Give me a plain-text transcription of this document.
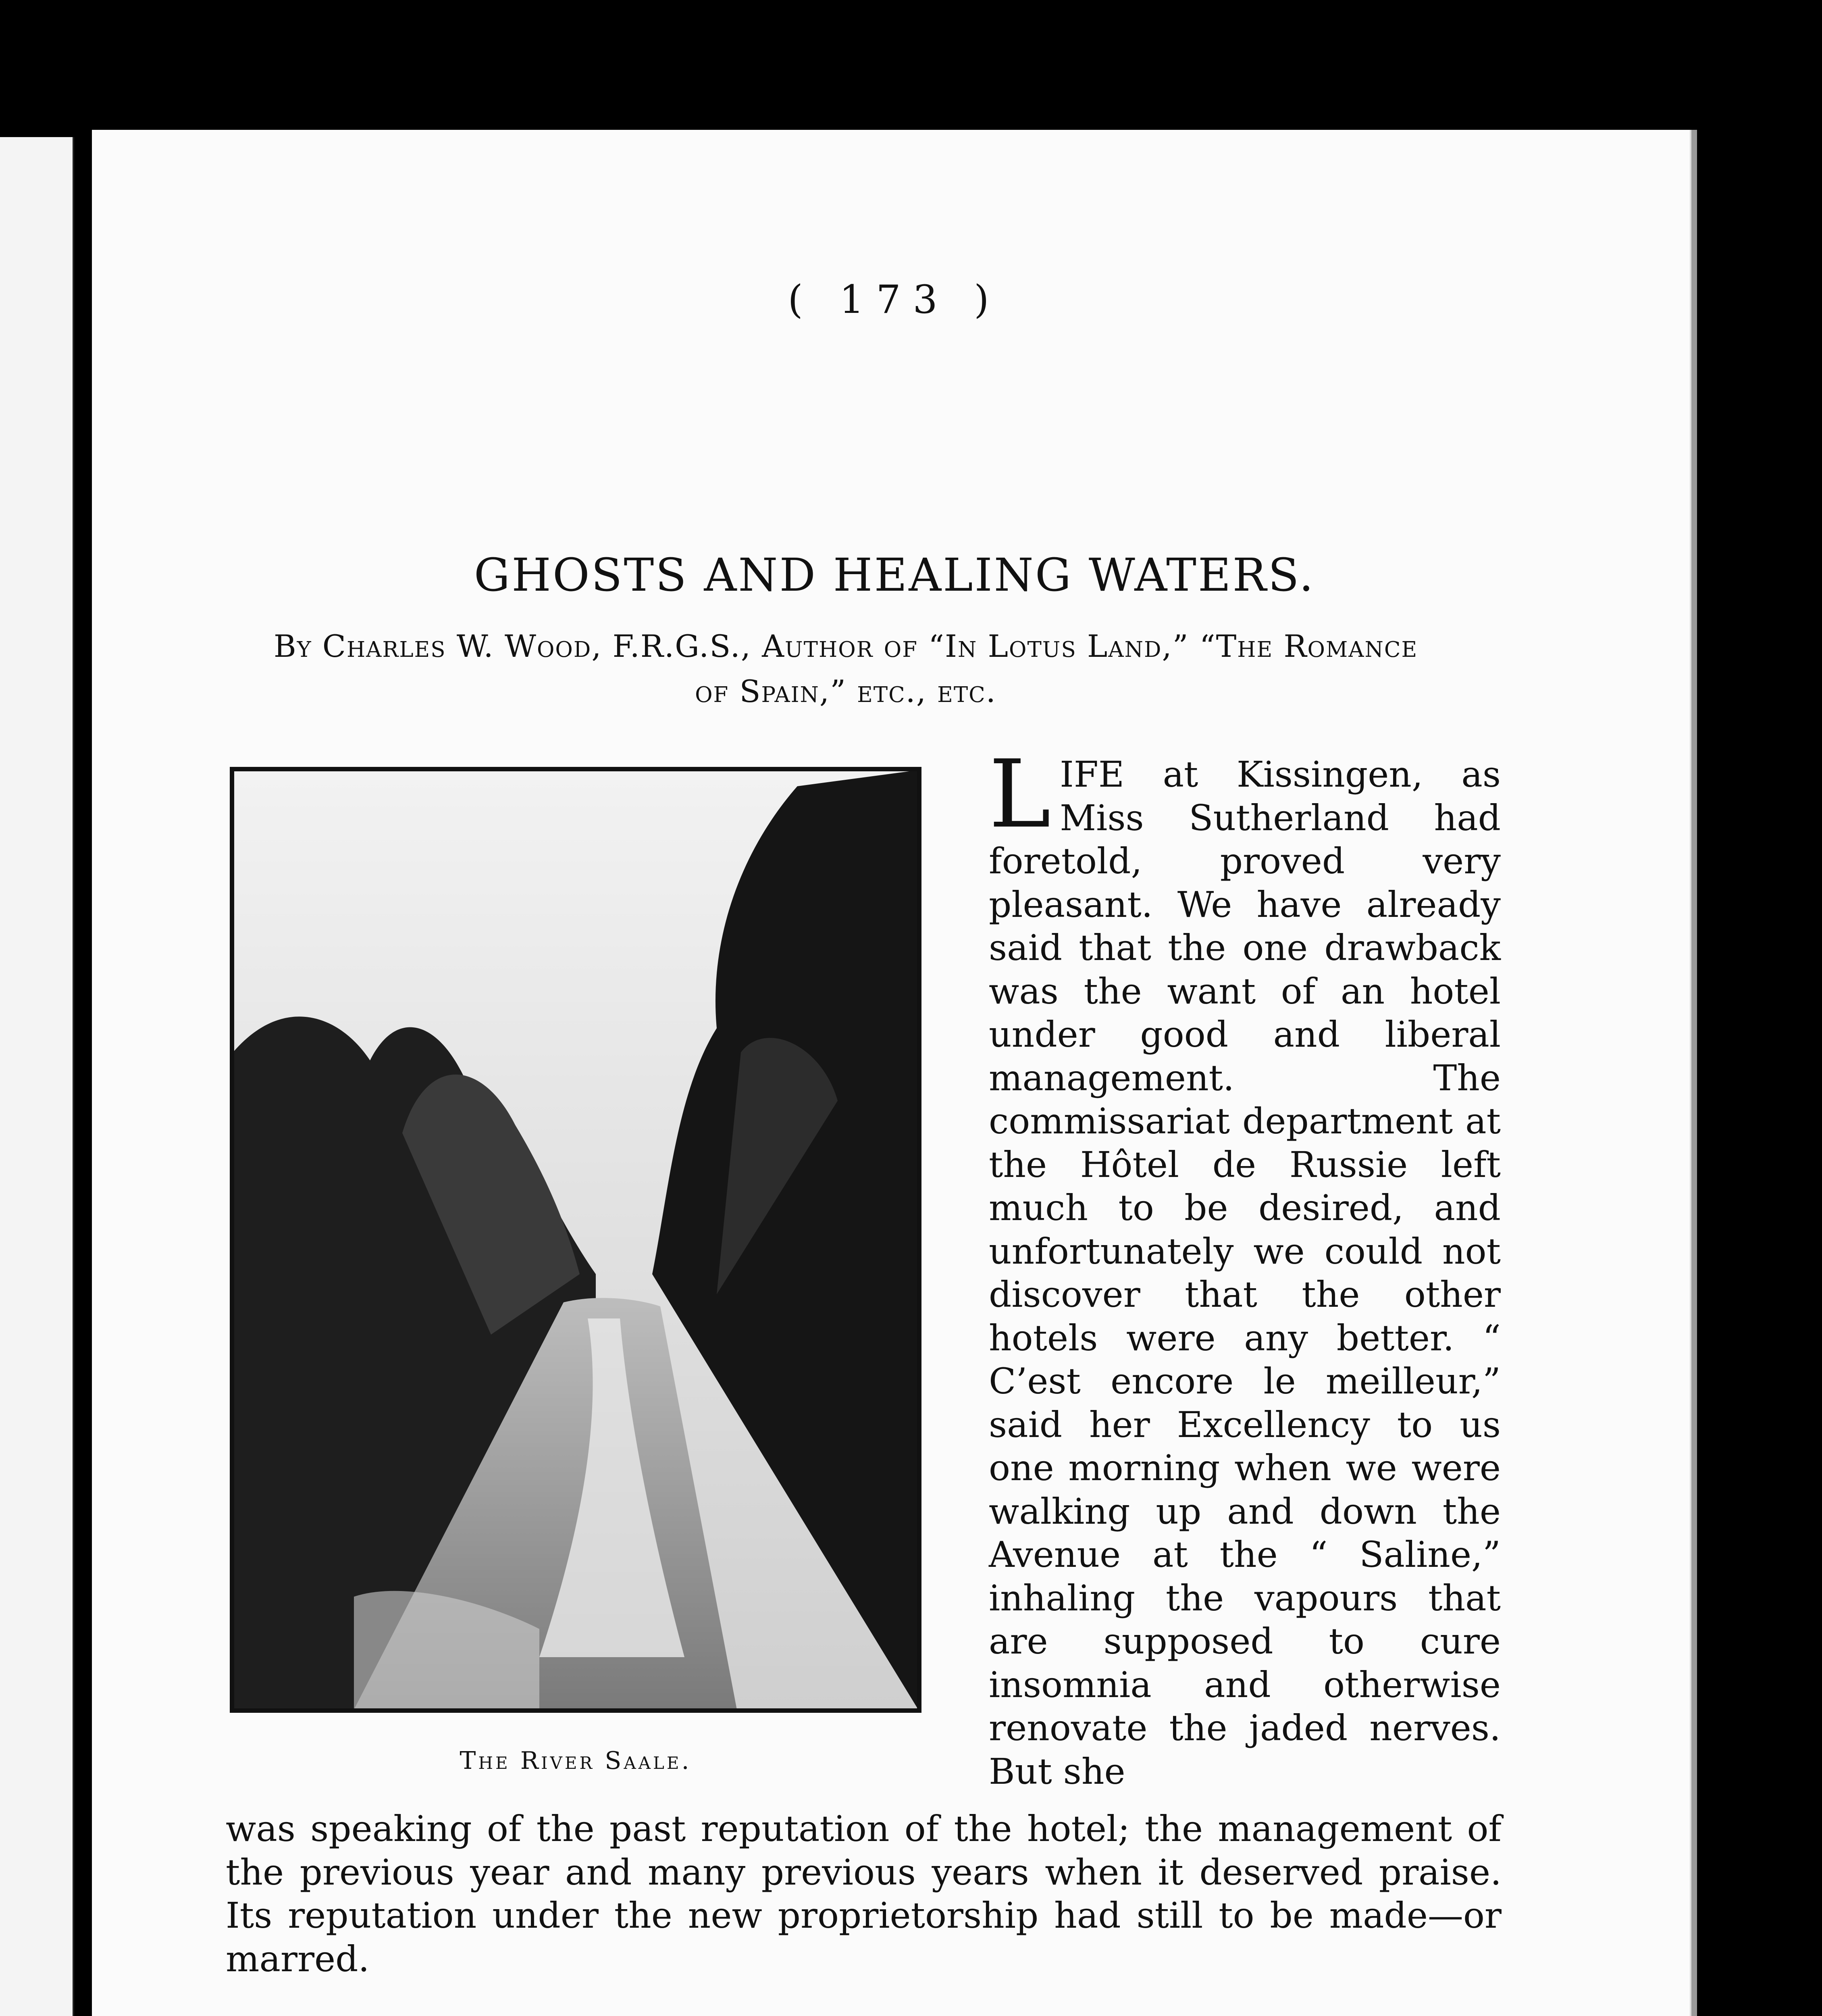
( 173 )
GHOSTS AND HEALING WATERS.
By Charles W. Wood, F.R.G.S., Author of “In Lotus Land,” “The Romance of Spain,” etc., etc.
The River Saale.
LIFE at Kissingen, as Miss Sutherland had foretold, proved very pleasant. We have already said that the one drawback was the want of an hotel under good and liberal management. The commissariat department at the Hôtel de Russie left much to be desired, and unfortunately we could not discover that the other hotels were any better. “ C’est encore le meilleur,” said her Excellency to us one morning when we were walking up and down the Avenue at the “ Saline,” inhaling the vapours that are supposed to cure insomnia and otherwise renovate the jaded nerves. But she

was speaking of the past reputation of the hotel; the management of the previous year and many previous years when it deserved praise. Its reputation under the new proprietorship had still to be made—or marred.
